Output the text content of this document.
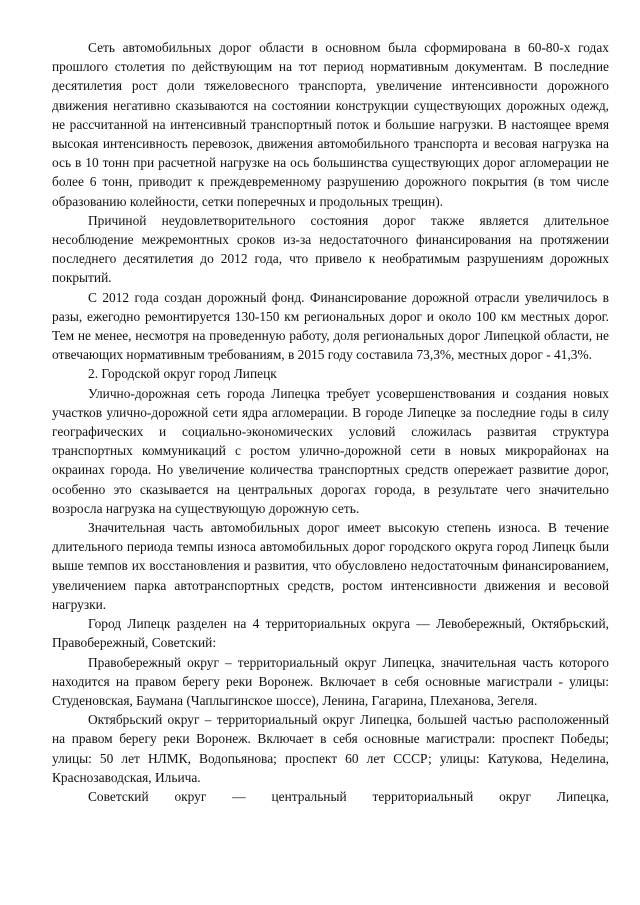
Сеть автомобильных дорог области в основном была сформирована в 60-80-х годах прошлого столетия по действующим на тот период нормативным документам. В последние десятилетия рост доли тяжеловесного транспорта, увеличение интенсивности дорожного движения негативно сказываются на состоянии конструкции существующих дорожных одежд, не рассчитанной на интенсивный транспортный поток и большие нагрузки. В настоящее время высокая интенсивность перевозок, движения автомобильного транспорта и весовая нагрузка на ось в 10 тонн при расчетной нагрузке на ось большинства существующих дорог агломерации не более 6 тонн, приводит к преждевременному разрушению дорожного покрытия (в том числе образованию колейности, сетки поперечных и продольных трещин).

Причиной неудовлетворительного состояния дорог также является длительное несоблюдение межремонтных сроков из-за недостаточного финансирования на протяжении последнего десятилетия до 2012 года, что привело к необратимым разрушениям дорожных покрытий.

С 2012 года создан дорожный фонд. Финансирование дорожной отрасли увеличилось в разы, ежегодно ремонтируется 130-150 км региональных дорог и около 100 км местных дорог. Тем не менее, несмотря на проведенную работу, доля региональных дорог Липецкой области, не отвечающих нормативным требованиям, в 2015 году составила 73,3%, местных дорог - 41,3%.

2. Городской округ город Липецк

Улично-дорожная сеть города Липецка требует усовершенствования и создания новых участков улично-дорожной сети ядра агломерации. В городе Липецке за последние годы в силу географических и социально-экономических условий сложилась развитая структура транспортных коммуникаций с ростом улично-дорожной сети в новых микрорайонах на окраинах города. Но увеличение количества транспортных средств опережает развитие дорог, особенно это сказывается на центральных дорогах города, в результате чего значительно возросла нагрузка на существующую дорожную сеть.

Значительная часть автомобильных дорог имеет высокую степень износа. В течение длительного периода темпы износа автомобильных дорог городского округа город Липецк были выше темпов их восстановления и развития, что обусловлено недостаточным финансированием, увеличением парка автотранспортных средств, ростом интенсивности движения и весовой нагрузки.

Город Липецк разделен на 4 территориальных округа — Левобережный, Октябрьский, Правобережный, Советский:

Правобережный округ – территориальный округ Липецка, значительная часть которого находится на правом берегу реки Воронеж. Включает в себя основные магистрали - улицы: Студеновская, Баумана (Чаплыгинское шоссе), Ленина, Гагарина, Плеханова, Зегеля.

Октябрьский округ – территориальный округ Липецка, большей частью расположенный на правом берегу реки Воронеж. Включает в себя основные магистрали: проспект Победы; улицы: 50 лет НЛМК, Водопьянова; проспект 60 лет СССР; улицы: Катукова, Неделина, Краснозаводская, Ильича.

Советский округ — центральный территориальный округ Липецка,
